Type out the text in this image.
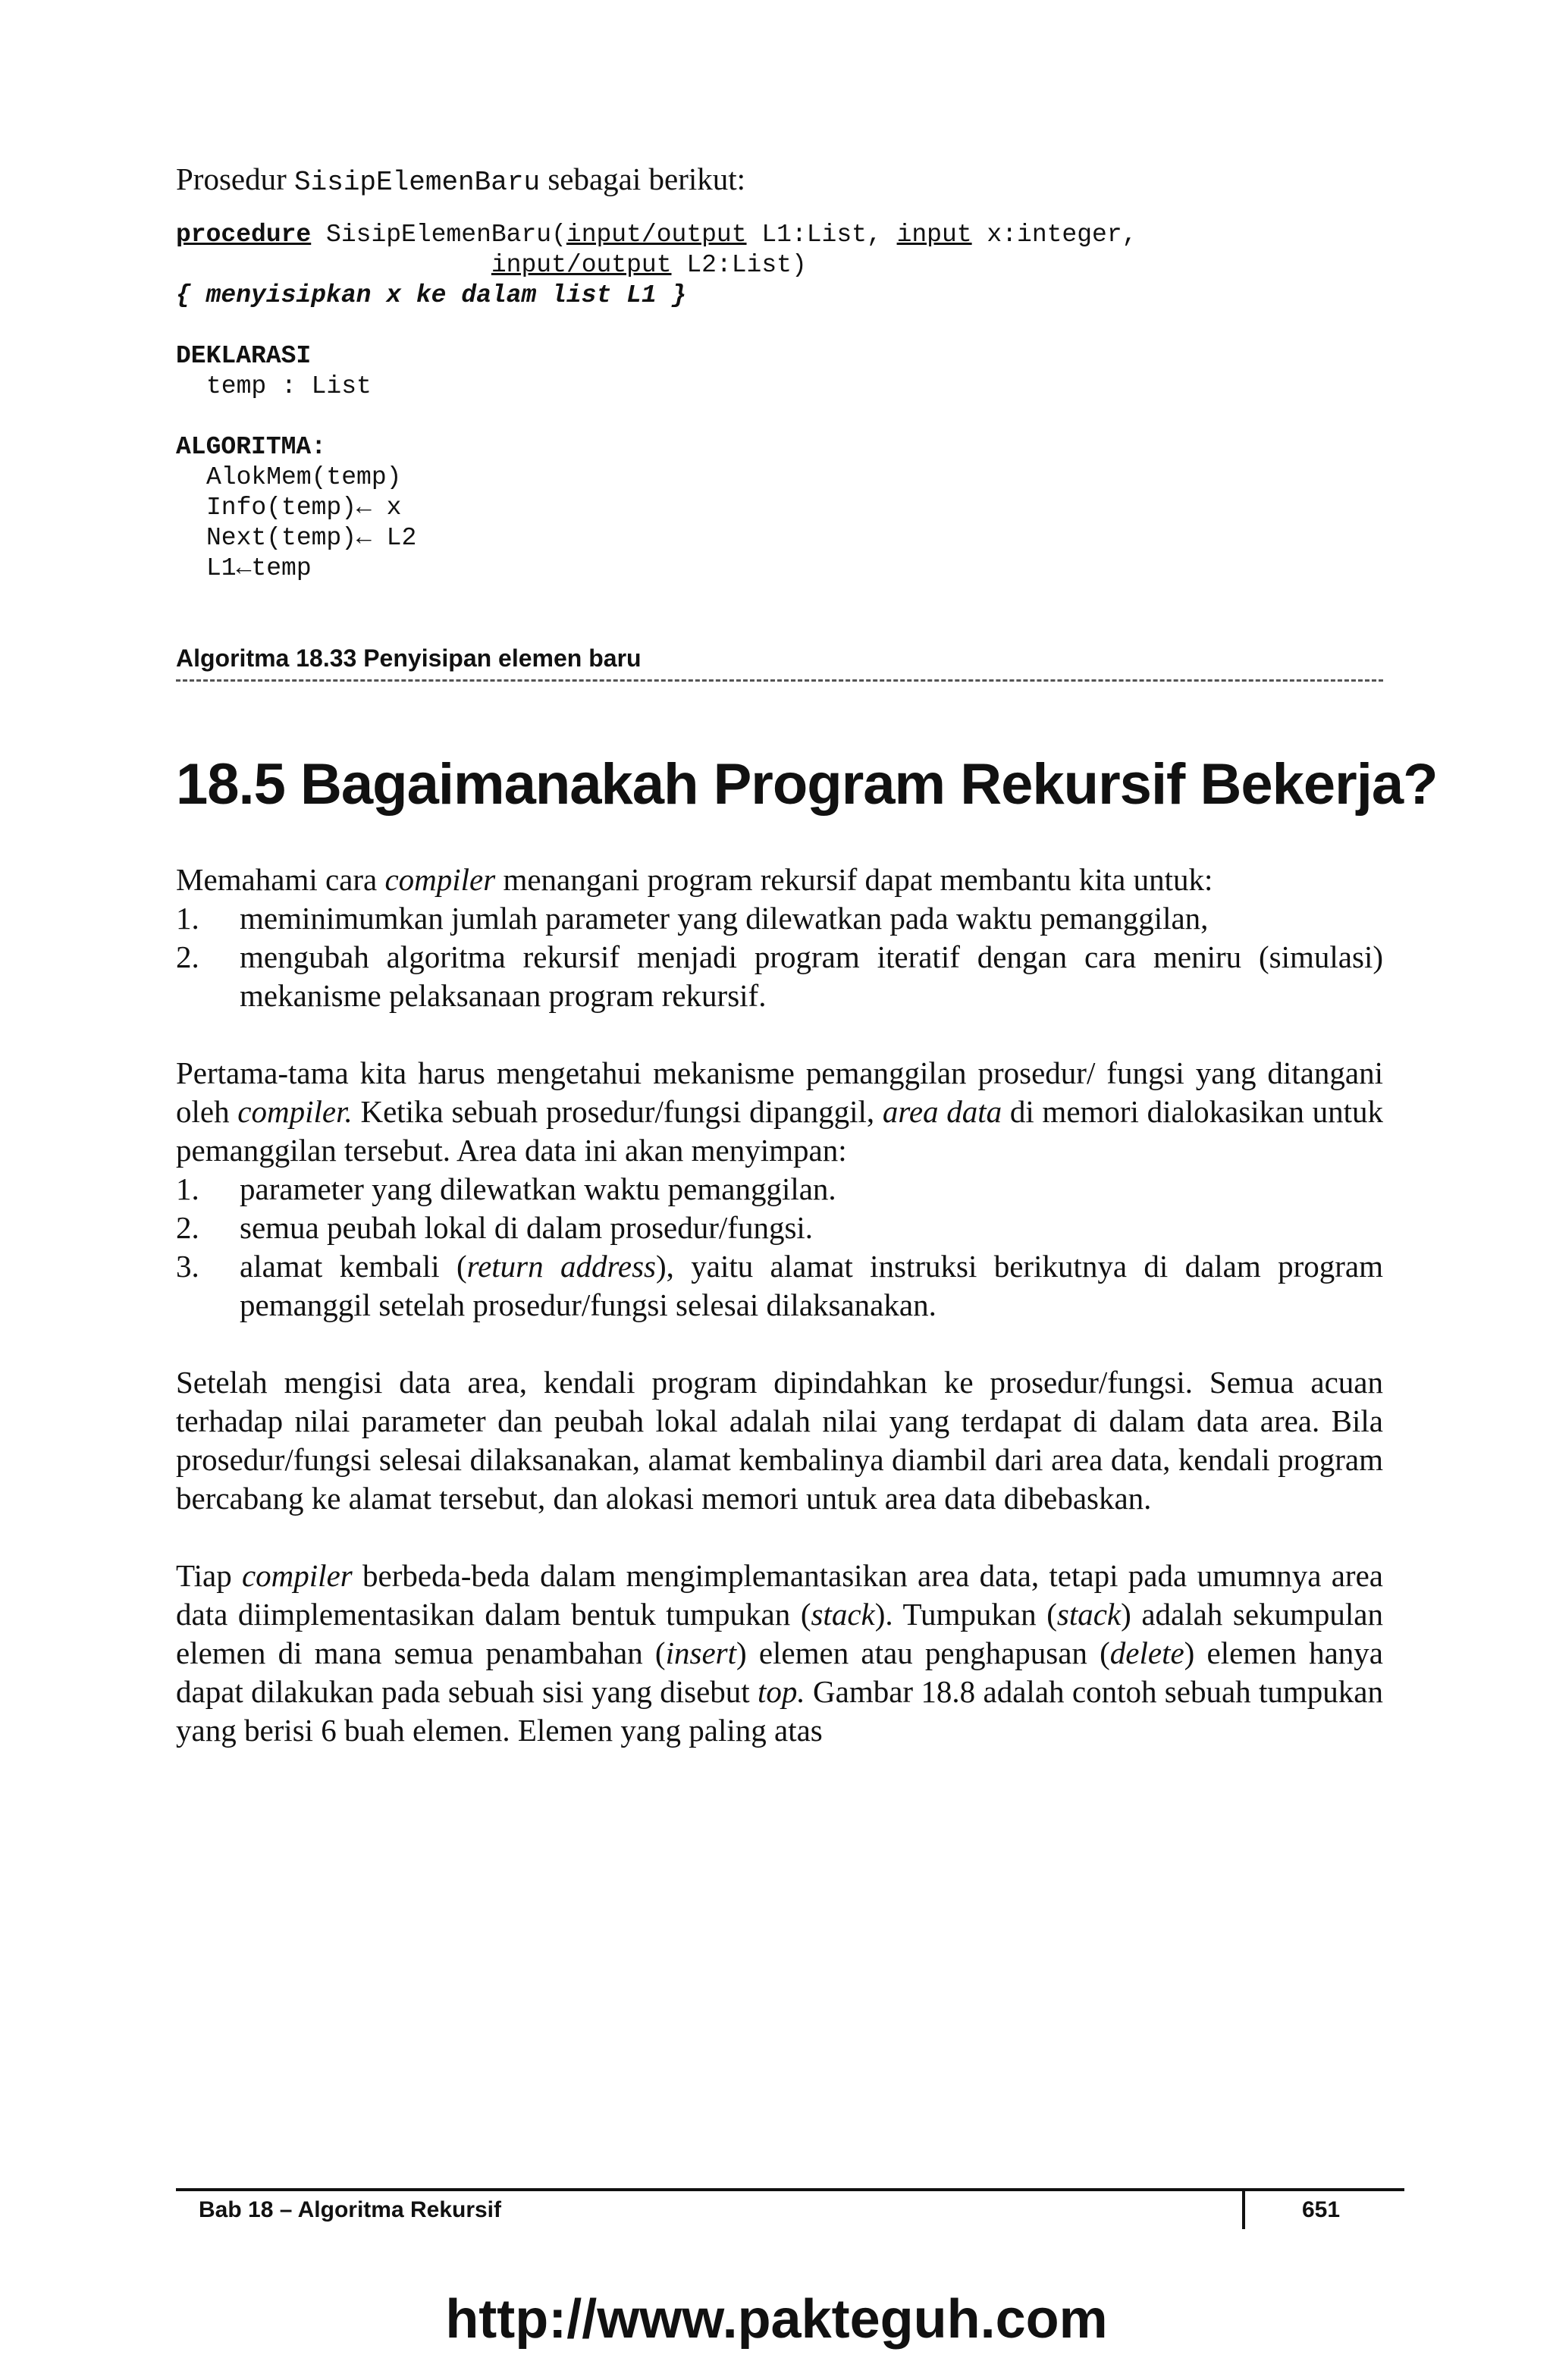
Prosedur SisipElemenBaru sebagai berikut:

procedure SisipElemenBaru(input/output L1:List, input x:integer,
input/output L2:List)
{ menyisipkan x ke dalam list L1 }
DEKLARASI
temp : List
ALGORITMA:
AlokMem(temp)
Info(temp)← x
Next(temp)← L2
L1←temp
Algoritma 18.33 Penyisipan elemen baru
18.5 Bagaimanakah Program Rekursif Bekerja?

Memahami cara compiler menangani program rekursif dapat membantu kita untuk:

1. meminimumkan jumlah parameter yang dilewatkan pada waktu pemanggilan,
2. mengubah algoritma rekursif menjadi program iteratif dengan cara meniru (simulasi) mekanisme pelaksanaan program rekursif.

Pertama-tama kita harus mengetahui mekanisme pemanggilan prosedur/ fungsi yang ditangani oleh compiler. Ketika sebuah prosedur/fungsi dipanggil, area data di memori dialokasikan untuk pemanggilan tersebut. Area data ini akan menyimpan:

1. parameter yang dilewatkan waktu pemanggilan.
2. semua peubah lokal di dalam prosedur/fungsi.
3. alamat kembali (return address), yaitu alamat instruksi berikutnya di dalam program pemanggil setelah prosedur/fungsi selesai dilaksanakan.

Setelah mengisi data area, kendali program dipindahkan ke prosedur/fungsi. Semua acuan terhadap nilai parameter dan peubah lokal adalah nilai yang terdapat di dalam data area. Bila prosedur/fungsi selesai dilaksanakan, alamat kembalinya diambil dari area data, kendali program bercabang ke alamat tersebut, dan alokasi memori untuk area data dibebaskan.

Tiap compiler berbeda-beda dalam mengimplemantasikan area data, tetapi pada umumnya area data diimplementasikan dalam bentuk tumpukan (stack). Tumpukan (stack) adalah sekumpulan elemen di mana semua penambahan (insert) elemen atau penghapusan (delete) elemen hanya dapat dilakukan pada sebuah sisi yang disebut top. Gambar 18.8 adalah contoh sebuah tumpukan yang berisi 6 buah elemen. Elemen yang paling atas

Bab 18 – Algoritma Rekursif	651
http://www.pakteguh.com
